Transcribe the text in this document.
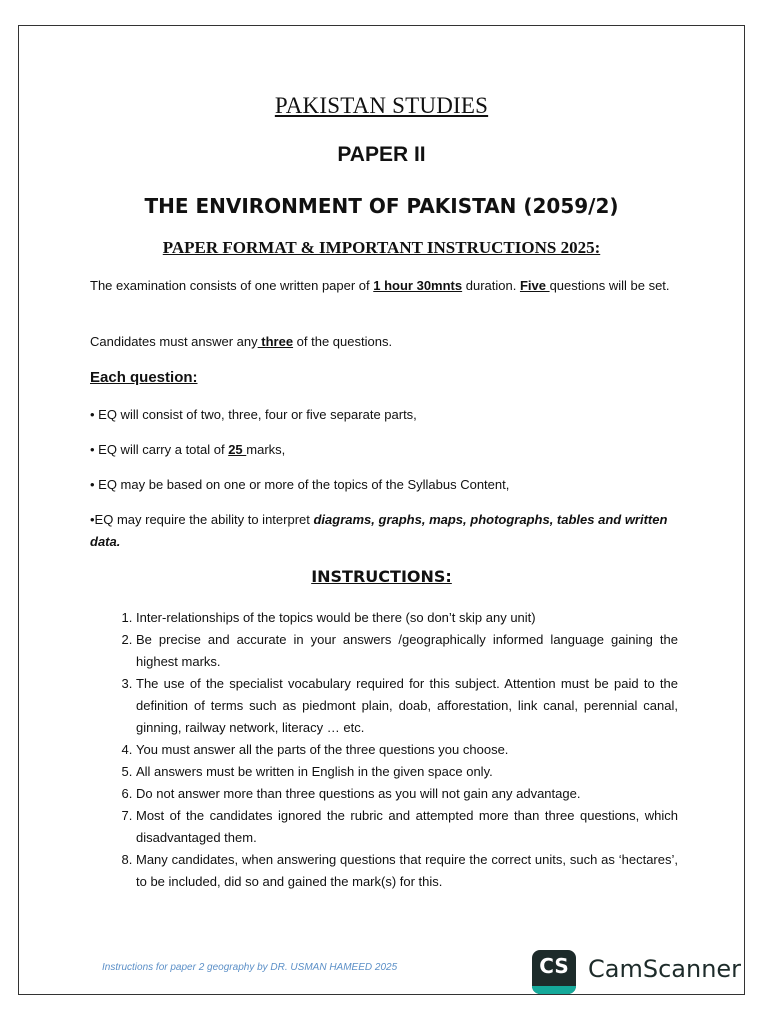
PAKISTAN STUDIES
PAPER II
THE ENVIRONMENT OF PAKISTAN (2059/2)
PAPER FORMAT & IMPORTANT INSTRUCTIONS 2025:
The examination consists of one written paper of 1 hour 30mnts duration. Five questions will be set.
Candidates must answer any three of the questions.
Each question:
• EQ will consist of two, three, four or five separate parts,
• EQ will carry a total of 25 marks,
• EQ may be based on one or more of the topics of the Syllabus Content,
•EQ may require the ability to interpret diagrams, graphs, maps, photographs, tables and written data.
INSTRUCTIONS:
1. Inter-relationships of the topics would be there (so don’t skip any unit)
2. Be precise and accurate in your answers /geographically informed language gaining the highest marks.
3. The use of the specialist vocabulary required for this subject. Attention must be paid to the definition of terms such as piedmont plain, doab, afforestation, link canal, perennial canal, ginning, railway network, literacy … etc.
4. You must answer all the parts of the three questions you choose.
5. All answers must be written in English in the given space only.
6. Do not answer more than three questions as you will not gain any advantage.
7. Most of the candidates ignored the rubric and attempted more than three questions, which disadvantaged them.
8. Many candidates, when answering questions that require the correct units, such as ‘hectares’, to be included, did so and gained the mark(s) for this.
Instructions for paper 2 geography by DR. USMAN HAMEED 2025	CS CamScanner
